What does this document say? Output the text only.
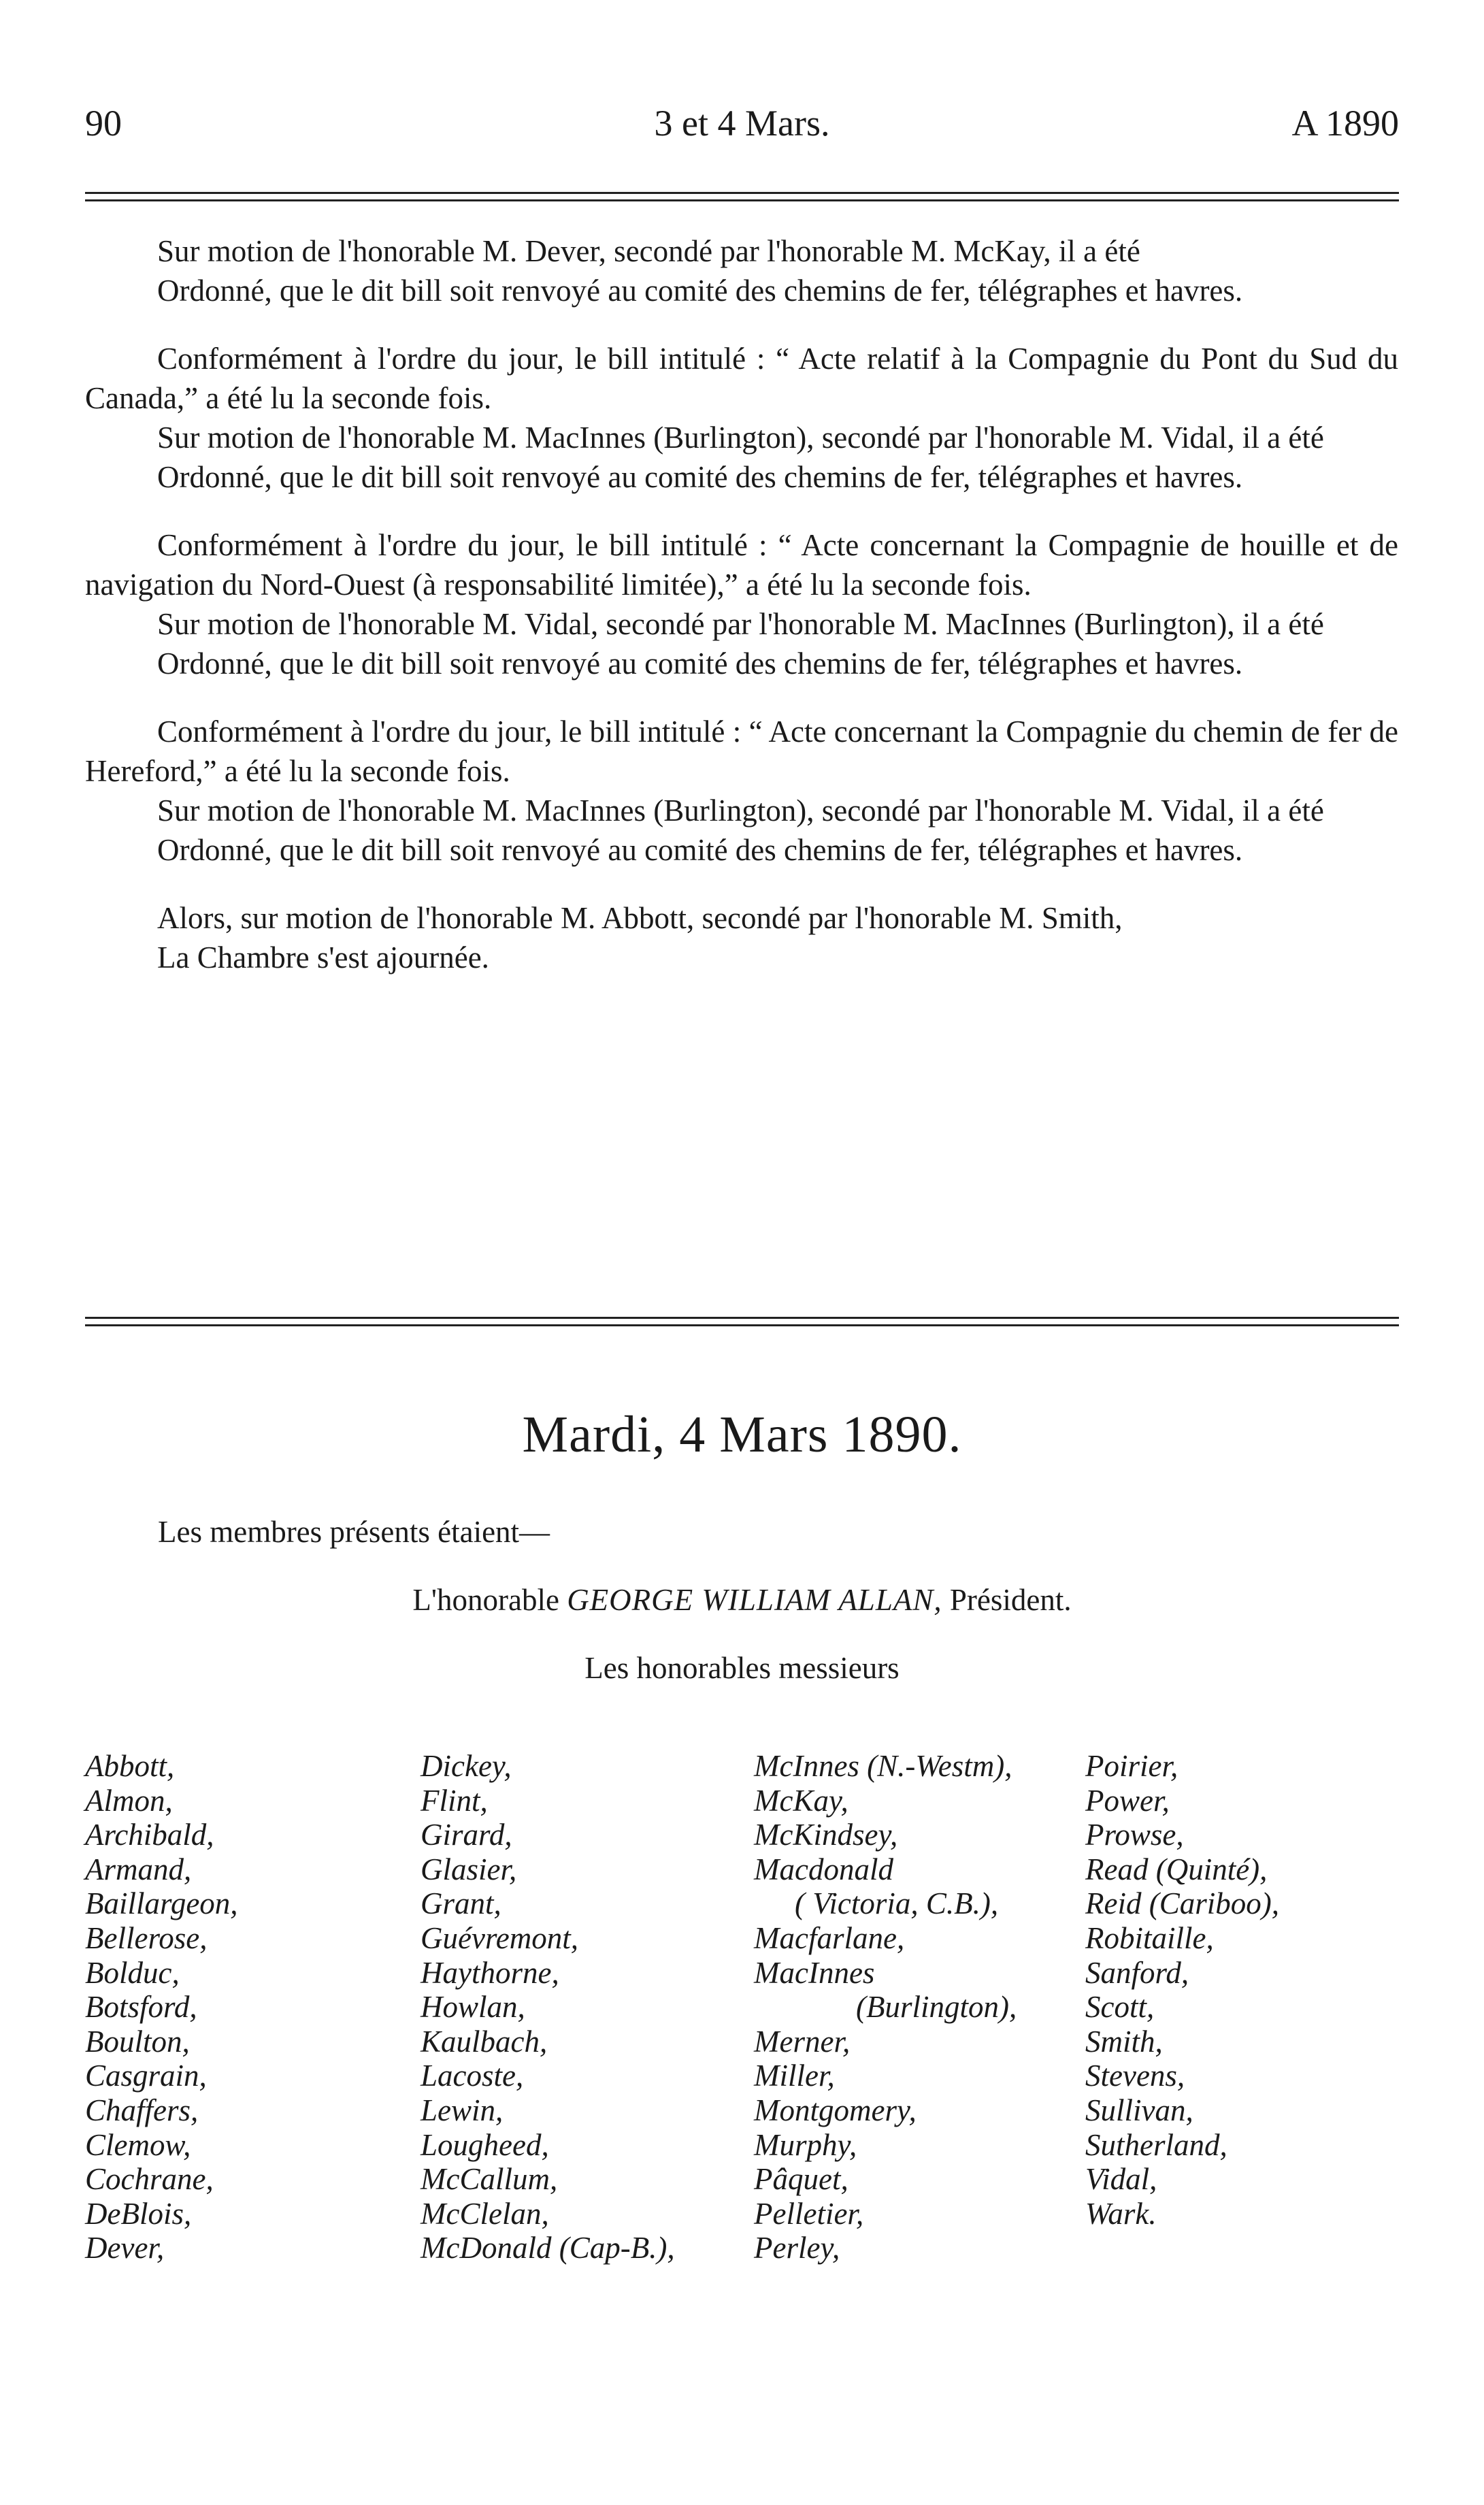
90	3 et 4 Mars.	A 1890

Sur motion de l'honorable M. Dever, secondé par l'honorable M. McKay, il a été

Ordonné, que le dit bill soit renvoyé au comité des chemins de fer, télégraphes et havres.

Conformément à l'ordre du jour, le bill intitulé : “ Acte relatif à la Compagnie du Pont du Sud du Canada,” a été lu la seconde fois.

Sur motion de l'honorable M. MacInnes (Burlington), secondé par l'honorable M. Vidal, il a été

Ordonné, que le dit bill soit renvoyé au comité des chemins de fer, télégraphes et havres.

Conformément à l'ordre du jour, le bill intitulé : “ Acte concernant la Compagnie de houille et de navigation du Nord-Ouest (à responsabilité limitée),” a été lu la seconde fois.

Sur motion de l'honorable M. Vidal, secondé par l'honorable M. MacInnes (Burlington), il a été

Ordonné, que le dit bill soit renvoyé au comité des chemins de fer, télégraphes et havres.

Conformément à l'ordre du jour, le bill intitulé : “ Acte concernant la Compagnie du chemin de fer de Hereford,” a été lu la seconde fois.

Sur motion de l'honorable M. MacInnes (Burlington), secondé par l'honorable M. Vidal, il a été

Ordonné, que le dit bill soit renvoyé au comité des chemins de fer, télégraphes et havres.

Alors, sur motion de l'honorable M. Abbott, secondé par l'honorable M. Smith,

La Chambre s'est ajournée.

Mardi, 4 Mars 1890.
Les membres présents étaient—
L'honorable GEORGE WILLIAM ALLAN, Président.
Les honorables messieurs
Abbott,
Almon,
Archibald,
Armand,
Baillargeon,
Bellerose,
Bolduc,
Botsford,
Boulton,
Casgrain,
Chaffers,
Clemow,
Cochrane,
DeBlois,
Dever,
Dickey,
Flint,
Girard,
Glasier,
Grant,
Guévremont,
Haythorne,
Howlan,
Kaulbach,
Lacoste,
Lewin,
Lougheed,
McCallum,
McClelan,
McDonald (Cap-B.),
McInnes (N.-Westm),
McKay,
McKindsey,
Macdonald
( Victoria, C.B.),
Macfarlane,
MacInnes
(Burlington),
Merner,
Miller,
Montgomery,
Murphy,
Pâquet,
Pelletier,
Perley,
Poirier,
Power,
Prowse,
Read (Quinté),
Reid (Cariboo),
Robitaille,
Sanford,
Scott,
Smith,
Stevens,
Sullivan,
Sutherland,
Vidal,
Wark.
